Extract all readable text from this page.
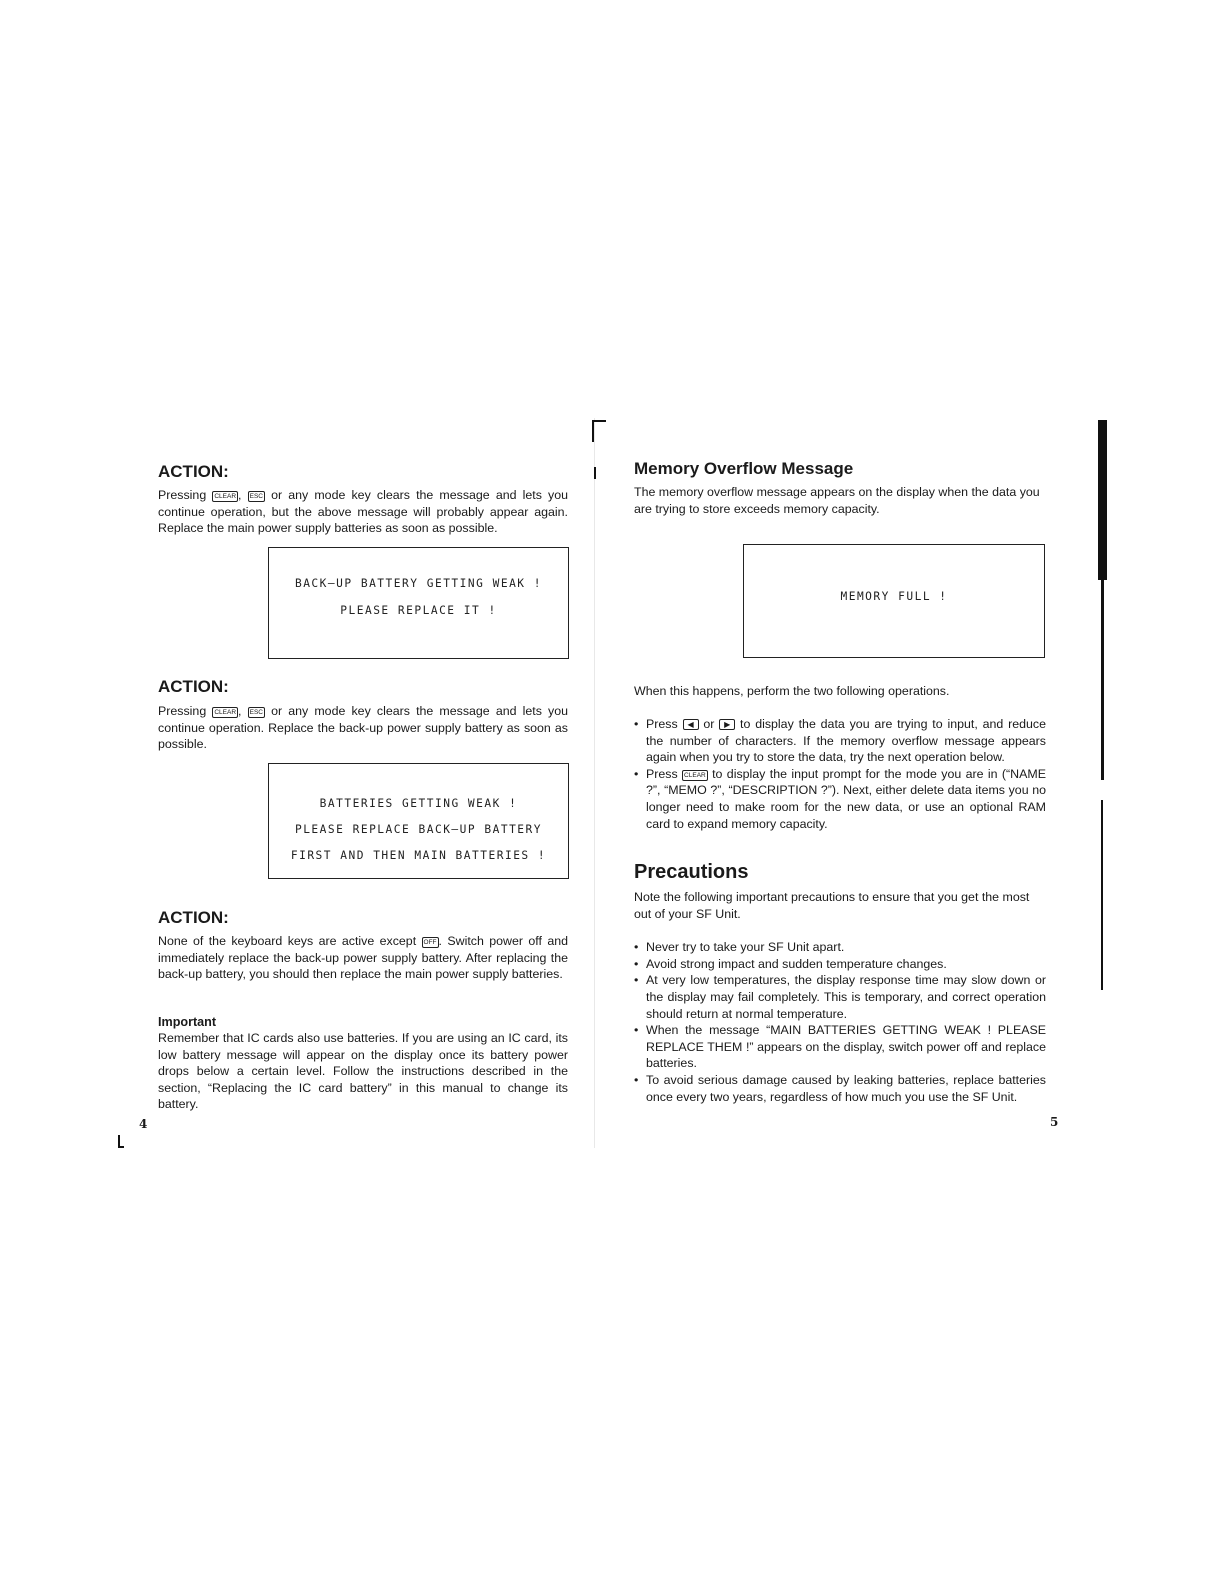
ACTION:

Pressing CLEAR , ESC or any mode key clears the message and lets you continue operation, but the above message will probably appear again. Replace the main power supply batteries as soon as possible.

BACK–UP BATTERY GETTING WEAK !
PLEASE REPLACE IT !
ACTION:

Pressing CLEAR , ESC or any mode key clears the message and lets you continue operation. Replace the back-up power supply battery as soon as possible.

BATTERIES GETTING WEAK !
PLEASE REPLACE BACK–UP BATTERY
FIRST AND THEN MAIN BATTERIES !
ACTION:

None of the keyboard keys are active except OFF . Switch power off and immediately replace the back-up power supply battery. After replacing the back-up battery, you should then replace the main power supply batteries.

Important

Remember that IC cards also use batteries. If you are using an IC card, its low battery message will appear on the display once its battery power drops below a certain level. Follow the instructions described in the section, “Replacing the IC card battery” in this manual to change its battery.

4
Memory Overflow Message

The memory overflow message appears on the display when the data you are trying to store exceeds memory capacity.

MEMORY FULL !

When this happens, perform the two following operations.

• Press ◀ or ▶ to display the data you are trying to input, and reduce the number of characters. If the memory overflow message appears again when you try to store the data, try the next operation below.
• Press CLEAR to display the input prompt for the mode you are in (“NAME ?”, “MEMO ?”, “DESCRIPTION ?”). Next, either delete data items you no longer need to make room for the new data, or use an optional RAM card to expand memory capacity.
Precautions

Note the following important precautions to ensure that you get the most out of your SF Unit.

• Never try to take your SF Unit apart.
• Avoid strong impact and sudden temperature changes.
• At very low temperatures, the display response time may slow down or the display may fail completely. This is temporary, and correct operation should return at normal temperature.
• When the message “MAIN BATTERIES GETTING WEAK ! PLEASE REPLACE THEM !” appears on the display, switch power off and replace batteries.
• To avoid serious damage caused by leaking batteries, replace batteries once every two years, regardless of how much you use the SF Unit.
5
